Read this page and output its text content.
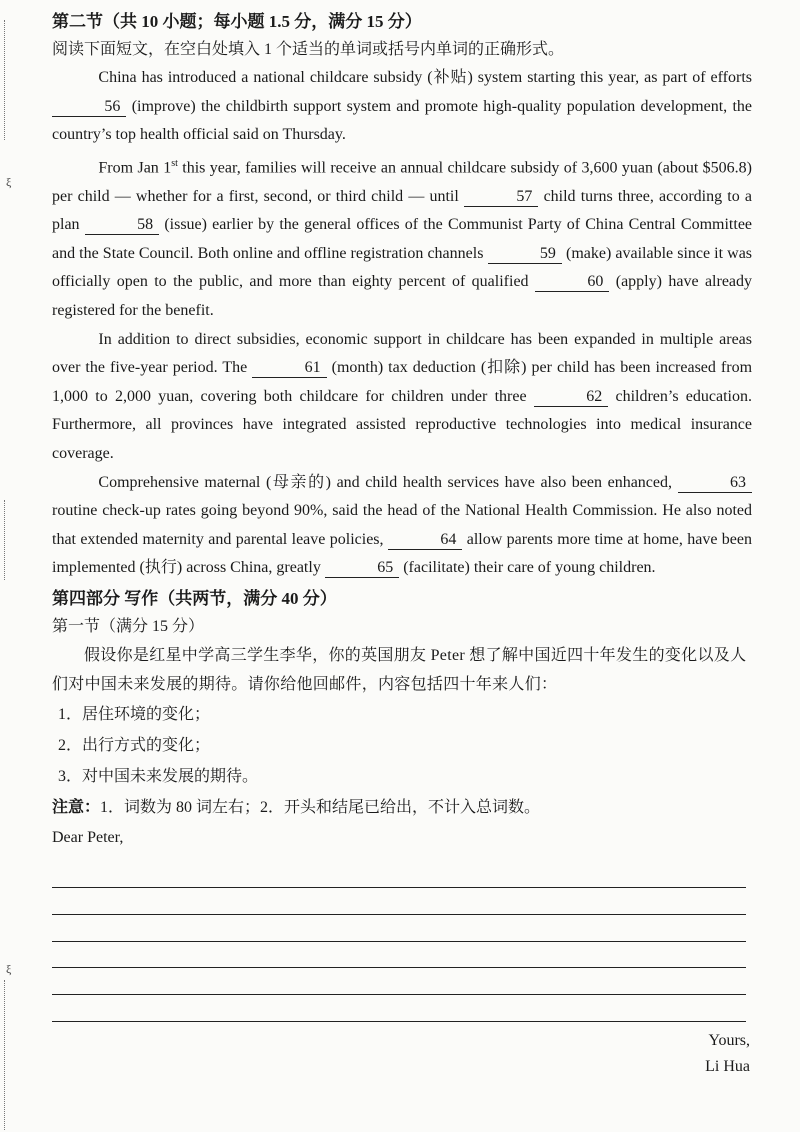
ξ
ξ
第二节（共 10 小题；每小题 1.5 分，满分 15 分）
阅读下面短文，在空白处填入 1 个适当的单词或括号内单词的正确形式。

China has introduced a national childcare subsidy (补贴) system starting this year, as part of efforts 56 (improve) the childbirth support system and promote high-quality population development, the country’s top health official said on Thursday.

From Jan 1st this year, families will receive an annual childcare subsidy of 3,600 yuan (about $506.8) per child — whether for a first, second, or third child — until	57 child turns three, according to a plan	58 (issue) earlier by the general offices of the Communist Party of China Central Committee and the State Council. Both online and offline registration channels	59 (make) available since it was officially open to the public, and more than eighty percent of qualified	60 (apply) have already registered for the benefit.

In addition to direct subsidies, economic support in childcare has been expanded in multiple areas over the five-year period. The	61 (month) tax deduction (扣除) per child has been increased from 1,000 to 2,000 yuan, covering both childcare for children under three	62 children’s education. Furthermore, all provinces have integrated assisted reproductive technologies into medical insurance coverage.

Comprehensive maternal (母亲的) and child health services have also been enhanced,	63 routine check-up rates going beyond 90%, said the head of the National Health Commission. He also noted that extended maternity and parental leave policies,	64 allow parents more time at home, have been implemented (执行) across China, greatly	65 (facilitate) their care of young children.

第四部分 写作（共两节，满分 40 分）
第一节（满分 15 分）

假设你是红星中学高三学生李华，你的英国朋友 Peter 想了解中国近四十年发生的变化以及人们对中国未来发展的期待。请你给他回邮件，内容包括四十年来人们：

1．居住环境的变化；
2．出行方式的变化；
3．对中国未来发展的期待。
注意：1．词数为 80 词左右；2．开头和结尾已给出，不计入总词数。
Dear Peter,
Yours,
Li Hua
